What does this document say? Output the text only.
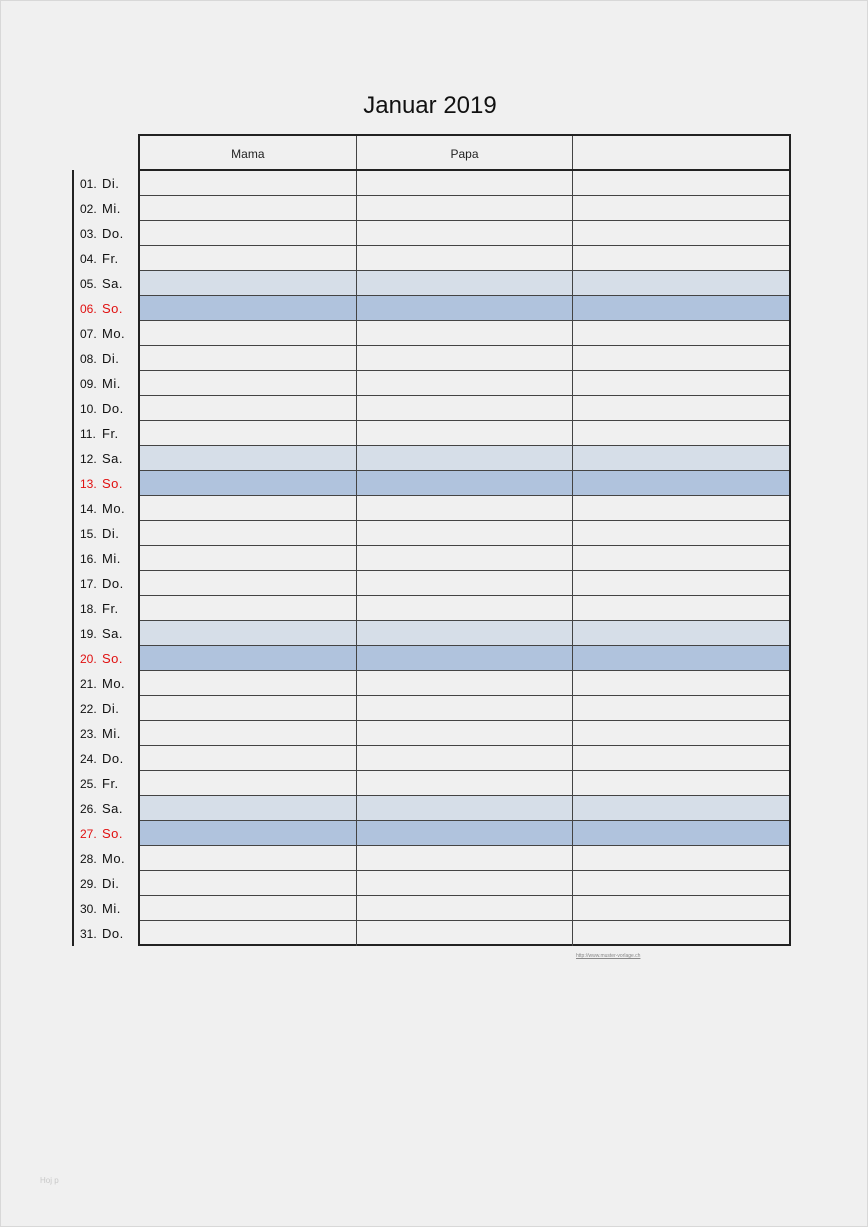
Januar 2019
Mama	Papa
01. Di.
02. Mi.
03. Do.
04. Fr.
05. Sa.
06. So.
07. Mo.
08. Di.
09. Mi.
10. Do.
11. Fr.
12. Sa.
13. So.
14. Mo.
15. Di.
16. Mi.
17. Do.
18. Fr.
19. Sa.
20. So.
21. Mo.
22. Di.
23. Mi.
24. Do.
25. Fr.
26. Sa.
27. So.
28. Mo.
29. Di.
30. Mi.
31. Do.
http://www.muster-vorlage.ch
Hoj p
